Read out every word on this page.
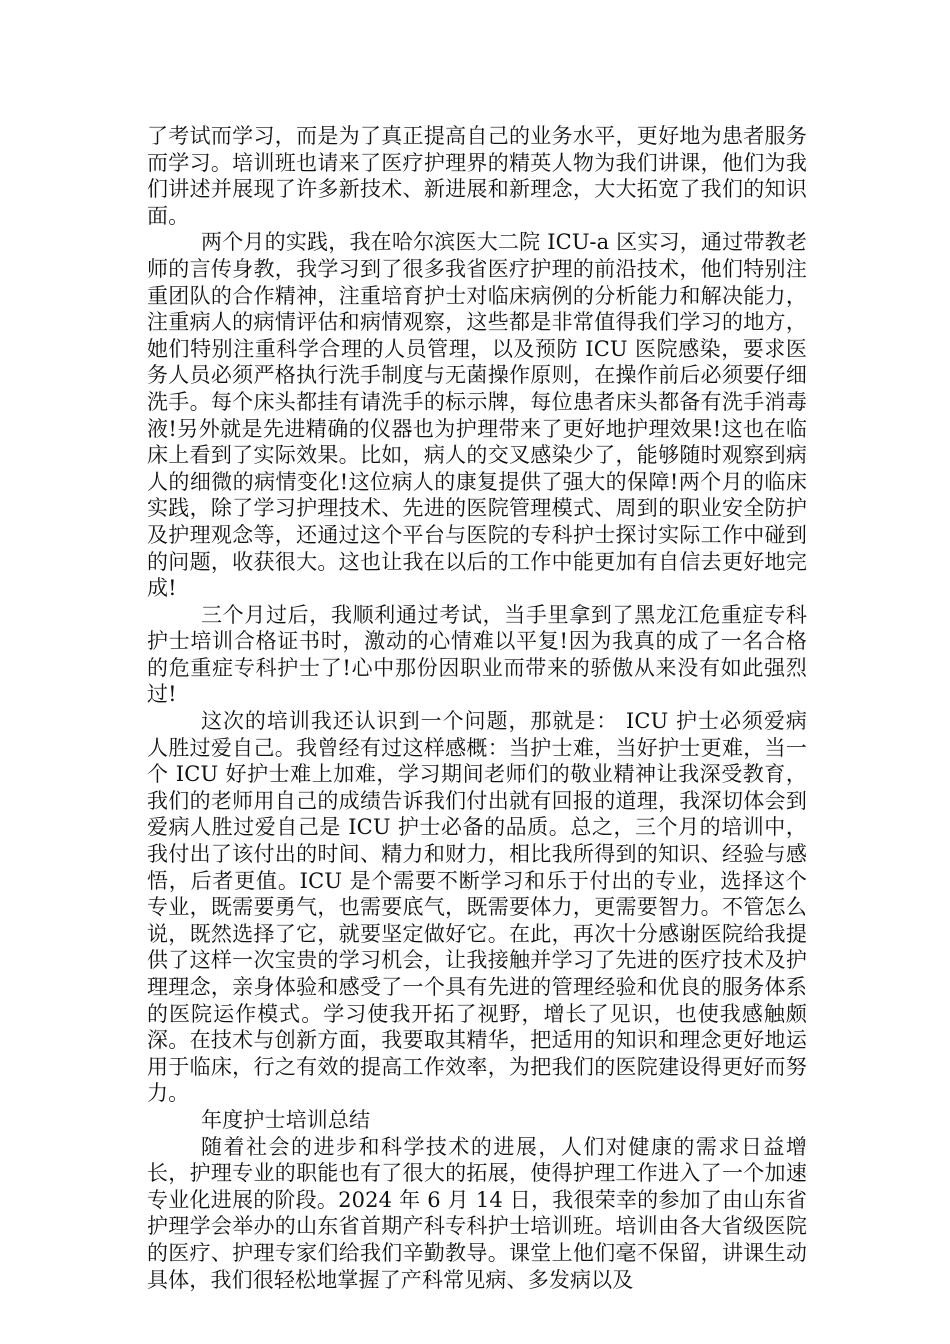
了考试而学习，而是为了真正提高自己的业务水平，更好地为患者服务而学习。培训班也请来了医疗护理界的精英人物为我们讲课，他们为我们讲述并展现了许多新技术、新进展和新理念，大大拓宽了我们的知识面。

两个月的实践，我在哈尔滨医大二院 ICU-a 区实习，通过带教老师的言传身教，我学习到了很多我省医疗护理的前沿技术，他们特别注重团队的合作精神，注重培育护士对临床病例的分析能力和解决能力，注重病人的病情评估和病情观察，这些都是非常值得我们学习的地方，她们特别注重科学合理的人员管理，以及预防 ICU 医院感染，要求医务人员必须严格执行洗手制度与无菌操作原则，在操作前后必须要仔细洗手。每个床头都挂有请洗手的标示牌，每位患者床头都备有洗手消毒液!另外就是先进精确的仪器也为护理带来了更好地护理效果!这也在临床上看到了实际效果。比如，病人的交叉感染少了，能够随时观察到病人的细微的病情变化!这位病人的康复提供了强大的保障!两个月的临床实践，除了学习护理技术、先进的医院管理模式、周到的职业安全防护及护理观念等，还通过这个平台与医院的专科护士探讨实际工作中碰到的问题，收获很大。这也让我在以后的工作中能更加有自信去更好地完成!

三个月过后，我顺利通过考试，当手里拿到了黑龙江危重症专科护士培训合格证书时，激动的心情难以平复!因为我真的成了一名合格的危重症专科护士了!心中那份因职业而带来的骄傲从来没有如此强烈过!

这次的培训我还认识到一个问题，那就是： ICU 护士必须爱病人胜过爱自己。我曾经有过这样感概：当护士难，当好护士更难，当一个 ICU 好护士难上加难，学习期间老师们的敬业精神让我深受教育，我们的老师用自己的成绩告诉我们付出就有回报的道理，我深切体会到爱病人胜过爱自己是 ICU 护士必备的品质。总之，三个月的培训中，我付出了该付出的时间、精力和财力，相比我所得到的知识、经验与感悟，后者更值。ICU 是个需要不断学习和乐于付出的专业，选择这个专业，既需要勇气，也需要底气，既需要体力，更需要智力。不管怎么说，既然选择了它，就要坚定做好它。在此，再次十分感谢医院给我提供了这样一次宝贵的学习机会，让我接触并学习了先进的医疗技术及护理理念，亲身体验和感受了一个具有先进的管理经验和优良的服务体系的医院运作模式。学习使我开拓了视野，增长了见识，也使我感触颇深。在技术与创新方面，我要取其精华，把适用的知识和理念更好地运用于临床，行之有效的提高工作效率，为把我们的医院建设得更好而努力。

年度护士培训总结

随着社会的进步和科学技术的进展，人们对健康的需求日益增长，护理专业的职能也有了很大的拓展，使得护理工作进入了一个加速专业化进展的阶段。2024 年 6 月 14 日，我很荣幸的参加了由山东省护理学会举办的山东省首期产科专科护士培训班。培训由各大省级医院的医疗、护理专家们给我们辛勤教导。课堂上他们毫不保留，讲课生动具体，我们很轻松地掌握了产科常见病、多发病以及
